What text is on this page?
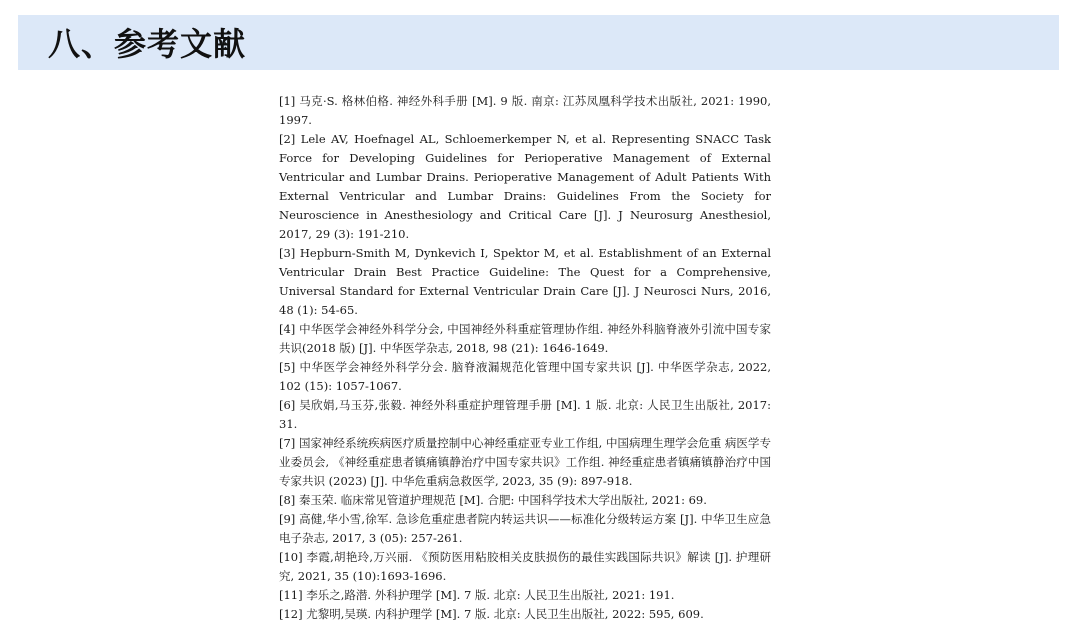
八、参考文献
[1] 马克·S. 格林伯格. 神经外科手册 [M]. 9 版. 南京: 江苏凤凰科学技术出版社, 2021: 1990, 1997.
[2] Lele AV, Hoefnagel AL, Schloemerkemper N, et al. Representing SNACC Task Force for Developing Guidelines for Perioperative Management of External Ventricular and Lumbar Drains. Perioperative Management of Adult Patients With External Ventricular and Lumbar Drains: Guidelines From the Society for Neuroscience in Anesthesiology and Critical Care [J]. J Neurosurg Anesthesiol, 2017, 29 (3): 191-210.
[3] Hepburn-Smith M, Dynkevich I, Spektor M, et al. Establishment of an External Ventricular Drain Best Practice Guideline: The Quest for a Comprehensive, Universal Standard for External Ventricular Drain Care [J]. J Neurosci Nurs, 2016, 48 (1): 54-65.
[4] 中华医学会神经外科学分会, 中国神经外科重症管理协作组. 神经外科脑脊液外引流中国专家共识(2018 版) [J]. 中华医学杂志, 2018, 98 (21): 1646-1649.
[5] 中华医学会神经外科学分会. 脑脊液漏规范化管理中国专家共识 [J]. 中华医学杂志, 2022, 102 (15): 1057-1067.
[6] 吴欣娟,马玉芬,张毅. 神经外科重症护理管理手册 [M]. 1 版. 北京: 人民卫生出版社, 2017: 31.
[7] 国家神经系统疾病医疗质量控制中心神经重症亚专业工作组, 中国病理生理学会危重 病医学专业委员会, 《神经重症患者镇痛镇静治疗中国专家共识》工作组. 神经重症患者镇痛镇静治疗中国专家共识 (2023) [J]. 中华危重病急救医学, 2023, 35 (9): 897-918.
[8] 秦玉荣. 临床常见管道护理规范 [M]. 合肥: 中国科学技术大学出版社, 2021: 69.
[9] 高健,华小雪,徐军. 急诊危重症患者院内转运共识——标准化分级转运方案 [J]. 中华卫生应急电子杂志, 2017, 3 (05): 257-261.
[10] 李霞,胡艳玲,万兴丽. 《预防医用粘胶相关皮肤损伤的最佳实践国际共识》解读 [J]. 护理研究, 2021, 35 (10):1693-1696.
[11] 李乐之,路潜. 外科护理学 [M]. 7 版. 北京: 人民卫生出版社, 2021: 191.
[12] 尤黎明,吴瑛. 内科护理学 [M]. 7 版. 北京: 人民卫生出版社, 2022: 595, 609.
